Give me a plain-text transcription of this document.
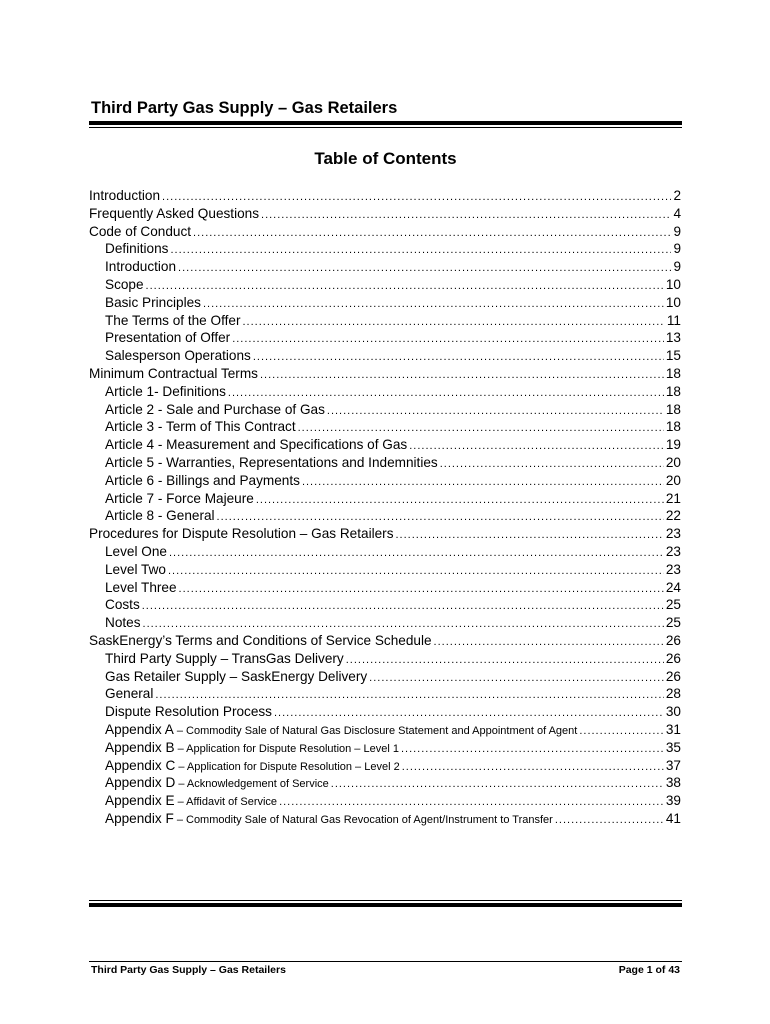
Third Party Gas Supply – Gas Retailers
Table of Contents
Introduction .....	2
Frequently Asked Questions .....	4
Code of Conduct .....	9
Definitions .....	9
Introduction .....	9
Scope .....	10
Basic Principles .....	10
The Terms of the Offer .....	11
Presentation of Offer .....	13
Salesperson Operations .....	15
Minimum Contractual Terms .....	18
Article 1- Definitions .....	18
Article 2 - Sale and Purchase of Gas .....	18
Article 3 - Term of This Contract .....	18
Article 4 - Measurement and Specifications of Gas .....	19
Article 5 - Warranties, Representations and Indemnities .....	20
Article 6 - Billings and Payments .....	20
Article 7 - Force Majeure .....	21
Article 8 - General .....	22
Procedures for Dispute Resolution – Gas Retailers .....	23
Level One .....	23
Level Two .....	23
Level Three .....	24
Costs .....	25
Notes .....	25
SaskEnergy’s Terms and Conditions of Service Schedule .....	26
Third Party Supply – TransGas Delivery .....	26
Gas Retailer Supply – SaskEnergy Delivery .....	26
General .....	28
Dispute Resolution Process .....	30
Appendix A – Commodity Sale of Natural Gas Disclosure Statement and Appointment of Agent .....	31
Appendix B – Application for Dispute Resolution – Level 1 .....	35
Appendix C – Application for Dispute Resolution – Level 2 .....	37
Appendix D – Acknowledgement of Service .....	38
Appendix E – Affidavit of Service .....	39
Appendix F – Commodity Sale of Natural Gas Revocation of Agent/Instrument to Transfer .....	41
Third Party Gas Supply – Gas Retailers	Page 1 of 43
